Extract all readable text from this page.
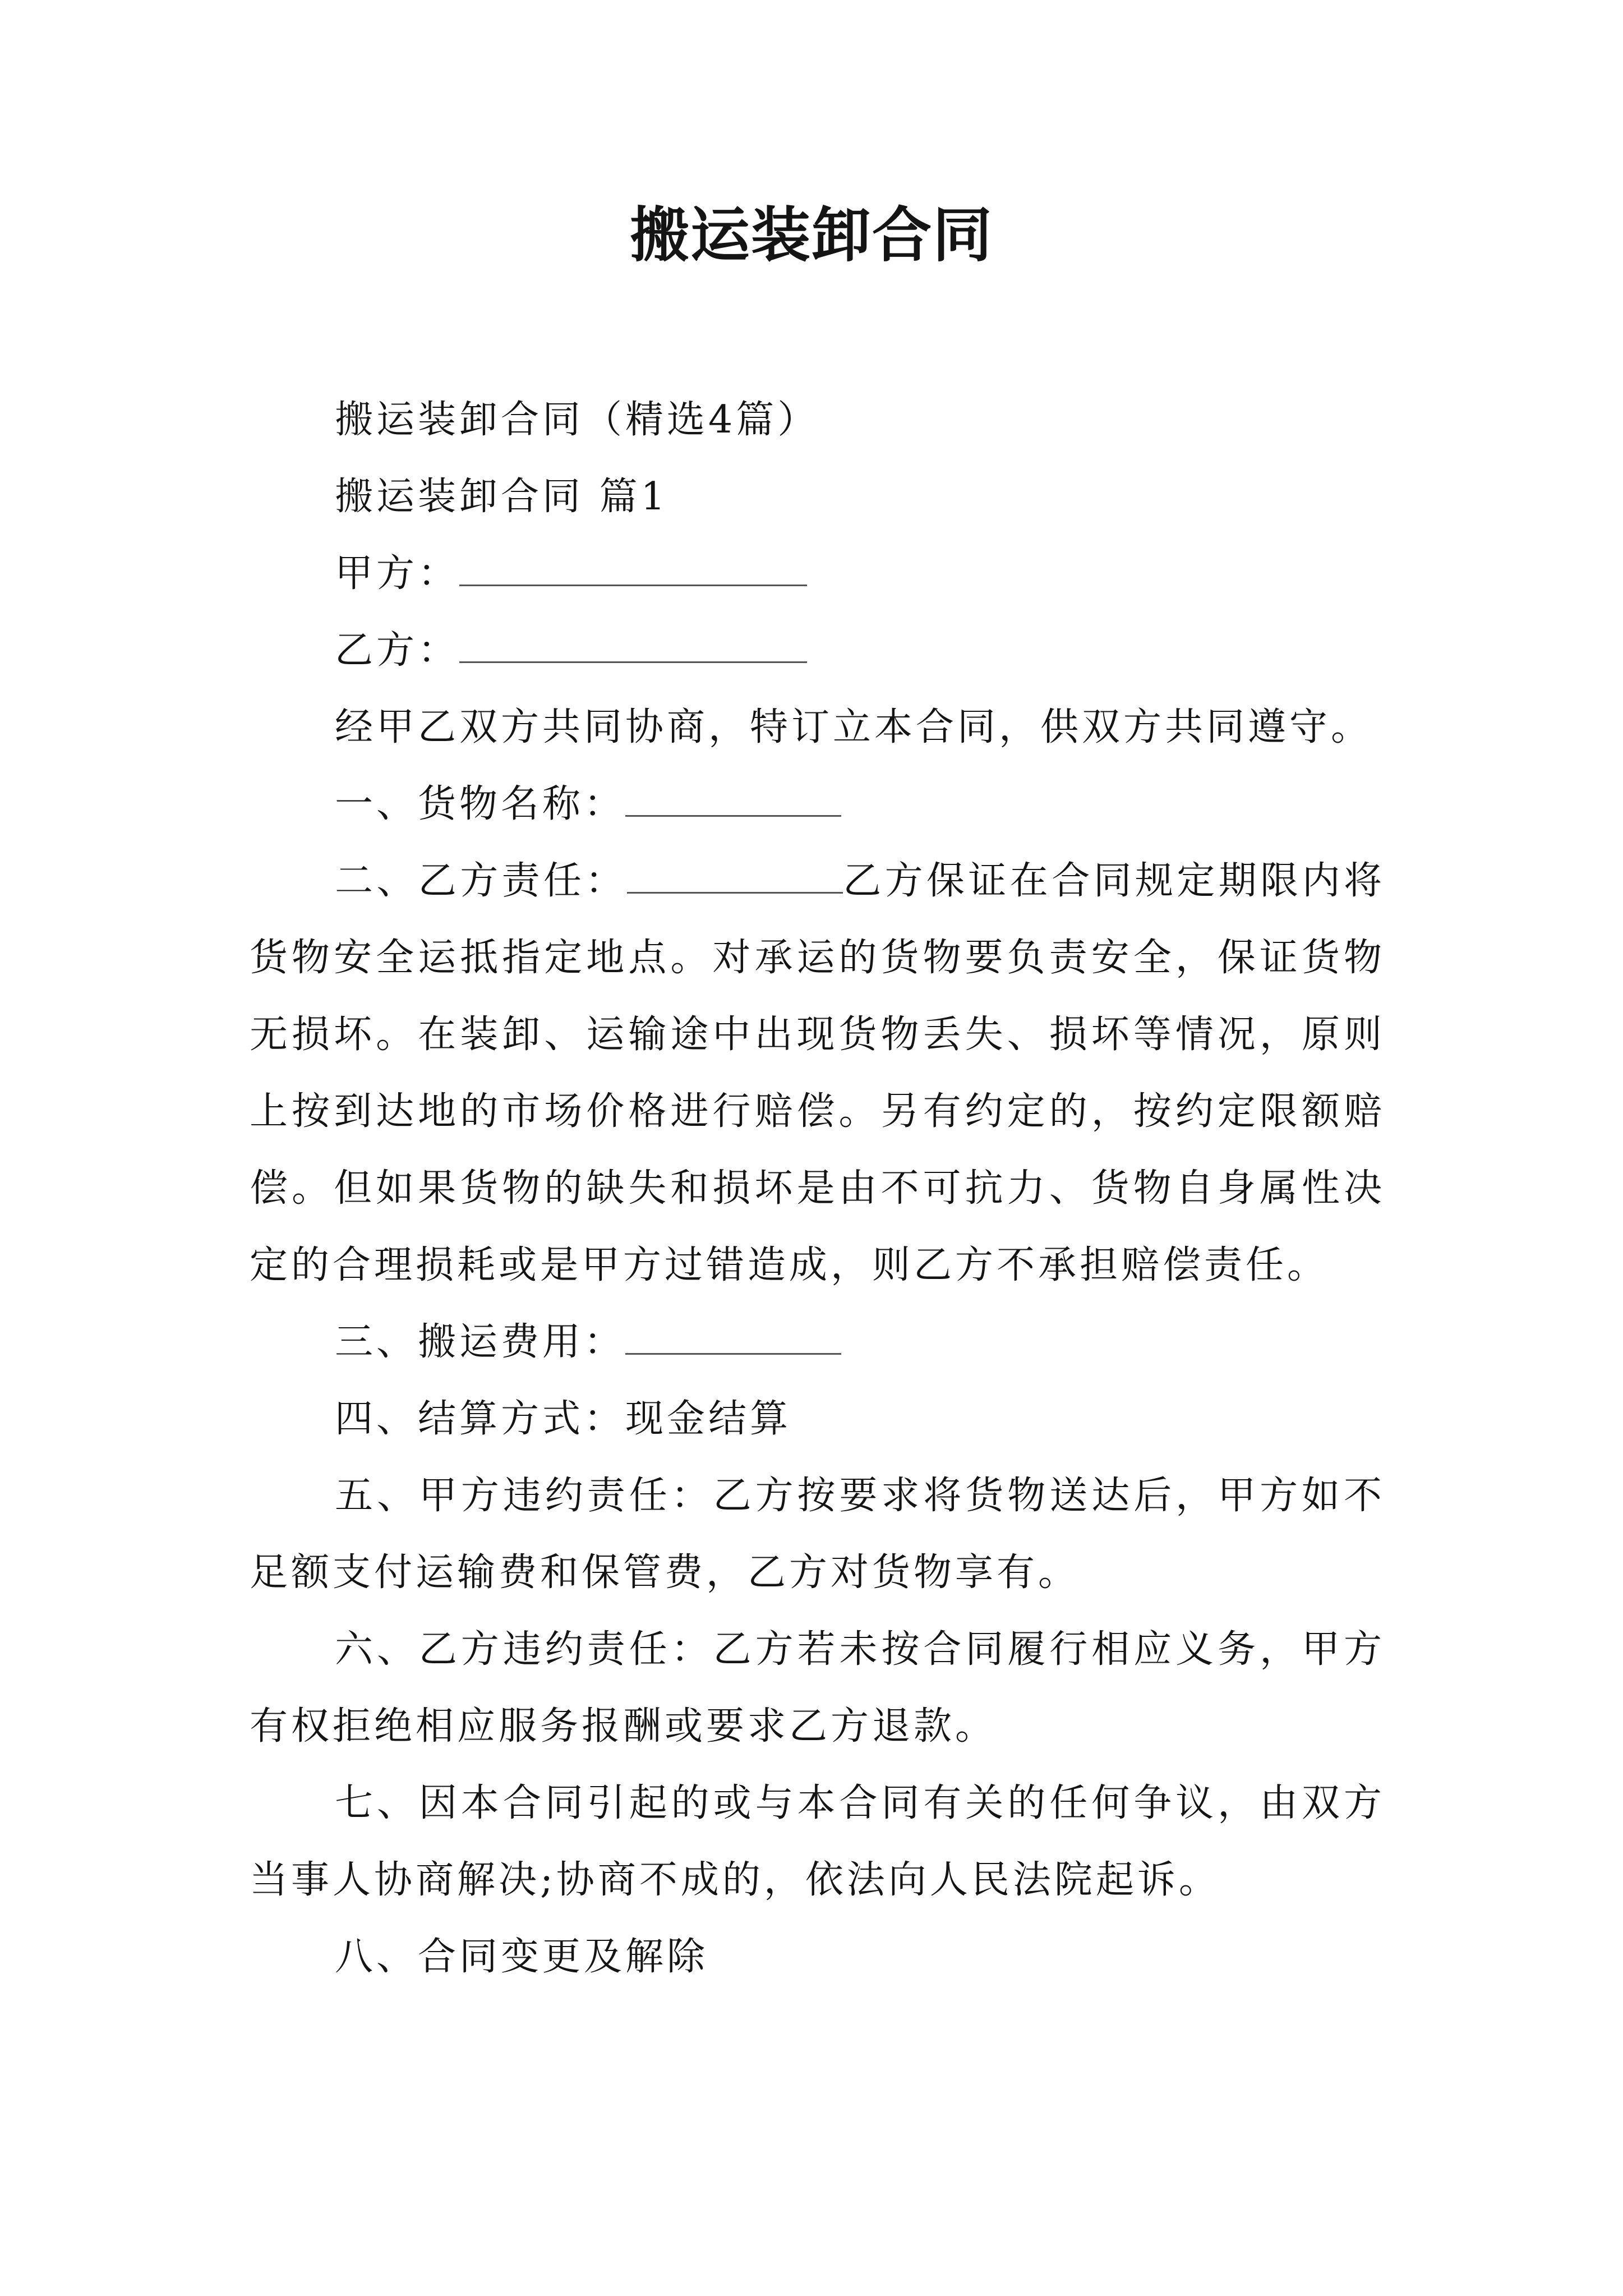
搬运装卸合同

搬运装卸合同（精选4篇）

搬运装卸合同 篇1

甲方：

乙方：

经甲乙双方共同协商，特订立本合同，供双方共同遵守。

一、货物名称：

二、乙方责任：	乙方保证在合同规定期限内将货物安全运抵指定地点。对承运的货物要负责安全，保证货物无损坏。在装卸、运输途中出现货物丢失、损坏等情况，原则上按到达地的市场价格进行赔偿。另有约定的，按约定限额赔偿。但如果货物的缺失和损坏是由不可抗力、货物自身属性决定的合理损耗或是甲方过错造成，则乙方不承担赔偿责任。

三、搬运费用：

四、结算方式：现金结算

五、甲方违约责任：乙方按要求将货物送达后，甲方如不足额支付运输费和保管费，乙方对货物享有。

六、乙方违约责任：乙方若未按合同履行相应义务，甲方有权拒绝相应服务报酬或要求乙方退款。

七、因本合同引起的或与本合同有关的任何争议，由双方当事人协商解决;协商不成的，依法向人民法院起诉。

八、合同变更及解除
